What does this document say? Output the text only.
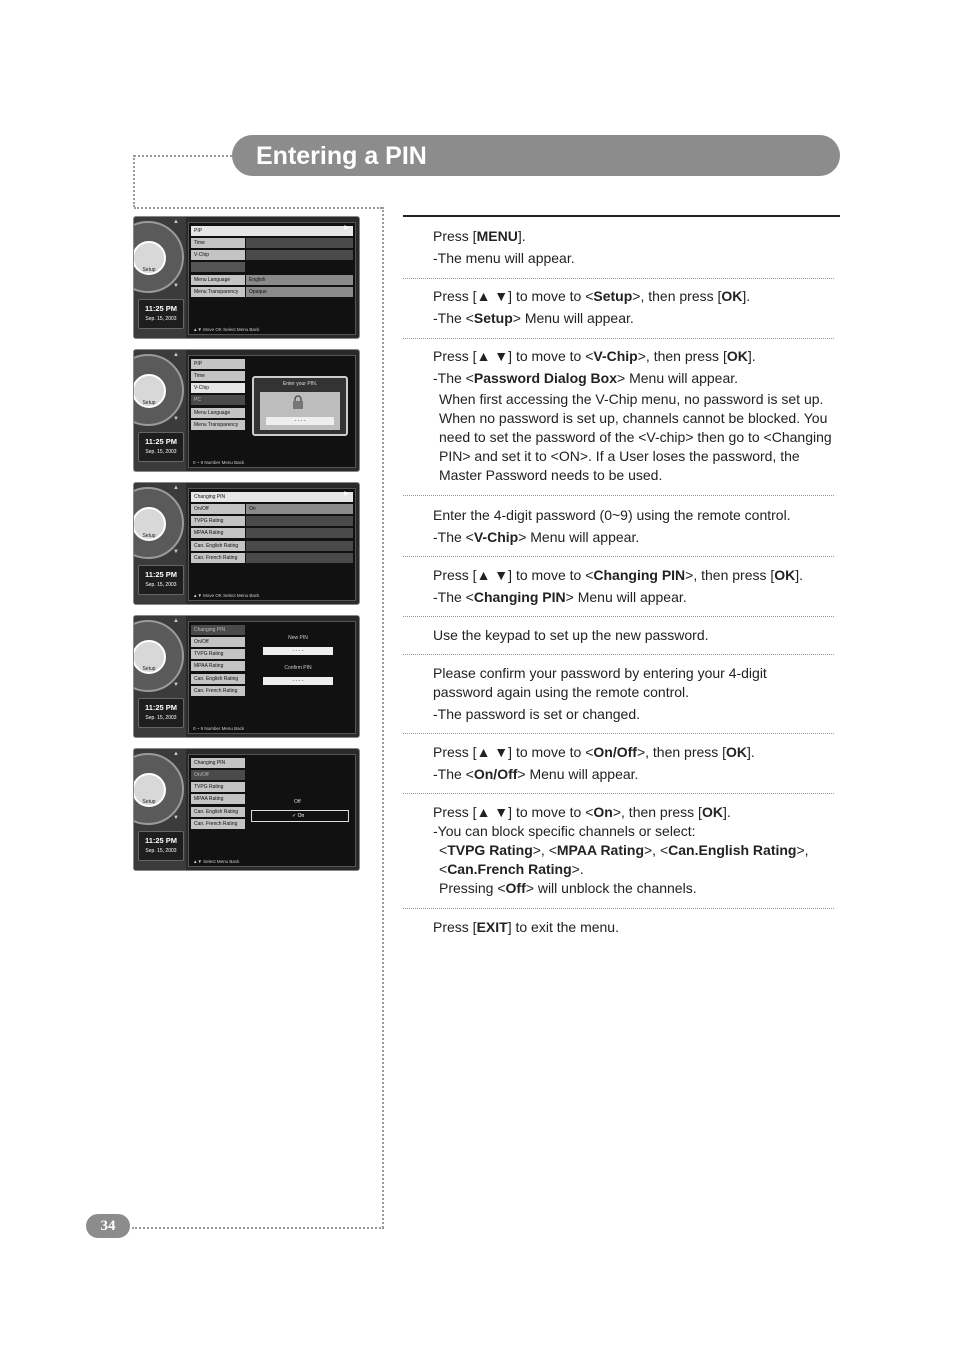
Entering a PIN
34
Setup
▲
▼
11:25 PM
Sep. 15, 2003
PIP	▶
Time
V-Chip
Menu Language	English
Menu Transparency	Opaque
▲▼ Move OK Select Menu Back
Setup
▲
▼
11:25 PM
Sep. 15, 2003
PIP
Time
V-Chip
PC
Menu Language
Menu Transparency
Enter your PIN.
- - - -
0 ~ 9 Number Menu Back
Setup
▲
▼
11:25 PM
Sep. 15, 2003
Changing PIN	▶
On/Off	On
TVPG Rating
MPAA Rating
Can. English Rating
Can. French Rating
▲▼ Move OK Select Menu Back
Setup
▲
▼
11:25 PM
Sep. 15, 2003
Changing PIN
On/Off
TVPG Rating
MPAA Rating
Can. English Rating
Can. French Rating
New PIN
- - - -
Confirm PIN
- - - -
0 ~ 9 Number Menu Back
Setup
▲
▼
11:25 PM
Sep. 15, 2003
Changing PIN
On/Off
TVPG Rating
MPAA Rating
Can. English Rating
Can. French Rating
Off
✓ On
▲▼ Select Menu Back

Press [MENU].

-The menu will appear.

Press [▲ ▼] to move to <Setup>, then press [OK].

-The <Setup> Menu will appear.

Press [▲ ▼] to move to <V-Chip>, then press [OK].

-The <Password Dialog Box> Menu will appear.

When first accessing the V-Chip menu, no password is set up. When no password is set up, channels cannot be blocked. You need to set the password of the <V-chip> then go to <Changing PIN> and set it to <ON>. If a User loses the password, the Master Password needs to be used.

Enter the 4-digit password (0~9) using the remote control.

-The <V-Chip> Menu will appear.

Press [▲ ▼] to move to <Changing PIN>, then press [OK].

-The <Changing PIN> Menu will appear.

Use the keypad to set up the new password.

Please confirm your password by entering your 4-digit password again using the remote control.

-The password is set or changed.

Press [▲ ▼] to move to <On/Off>, then press [OK].

-The <On/Off> Menu will appear.

Press [▲ ▼] to move to <On>, then press [OK].

-You can block specific channels or select:

<TVPG Rating>, <MPAA Rating>, <Can.English Rating>,

<Can.French Rating>.

Pressing <Off> will unblock the channels.

Press [EXIT] to exit the menu.
